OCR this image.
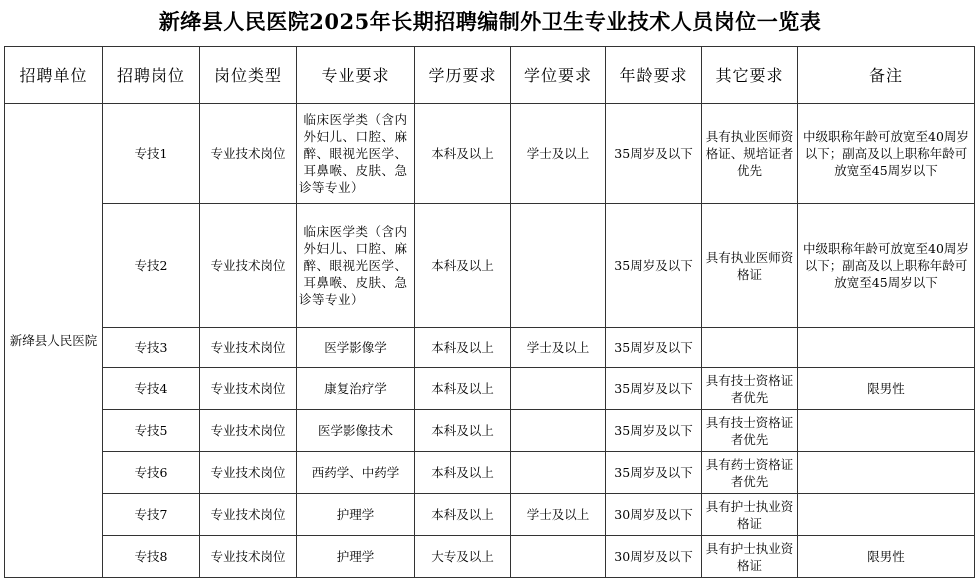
新绛县人民医院2025年长期招聘编制外卫生专业技术人员岗位一览表
招聘单位	招聘岗位	岗位类型	专业要求	学历要求	学位要求	年龄要求	其它要求	备注
新绛县人民医院	专技1	专业技术岗位	临床医学类（含内外妇儿、口腔、麻醉、眼视光医学、耳鼻喉、皮肤、急诊等专业）	本科及以上	学士及以上	35周岁及以下	具有执业医师资格证、规培证者优先	中级职称年龄可放宽至40周岁以下；副高及以上职称年龄可放宽至45周岁以下
	专技2	专业技术岗位	临床医学类（含内外妇儿、口腔、麻醉、眼视光医学、耳鼻喉、皮肤、急诊等专业）	本科及以上		35周岁及以下	具有执业医师资格证	中级职称年龄可放宽至40周岁以下；副高及以上职称年龄可放宽至45周岁以下
	专技3	专业技术岗位	医学影像学	本科及以上	学士及以上	35周岁及以下		
	专技4	专业技术岗位	康复治疗学	本科及以上		35周岁及以下	具有技士资格证者优先	限男性
	专技5	专业技术岗位	医学影像技术	本科及以上		35周岁及以下	具有技士资格证者优先	
	专技6	专业技术岗位	西药学、中药学	本科及以上		35周岁及以下	具有药士资格证者优先	
	专技7	专业技术岗位	护理学	本科及以上	学士及以上	30周岁及以下	具有护士执业资格证	
	专技8	专业技术岗位	护理学	大专及以上		30周岁及以下	具有护士执业资格证	限男性
